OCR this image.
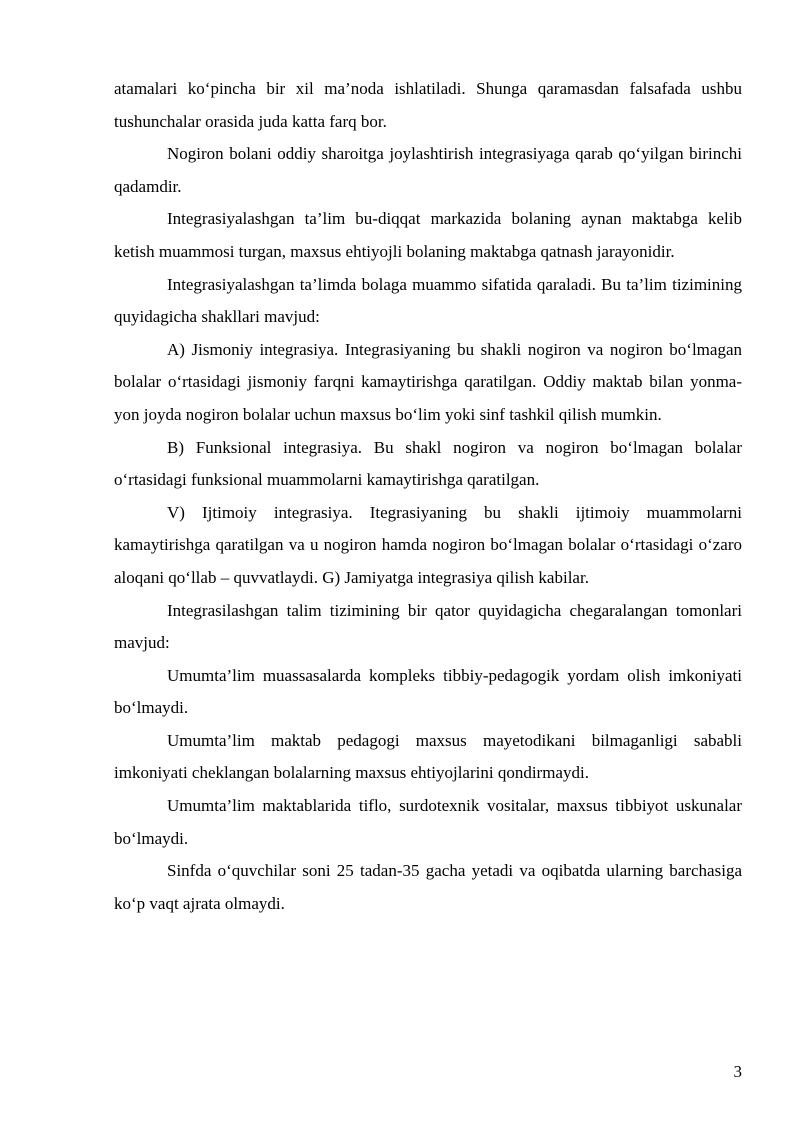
atamalari ko‘pincha bir xil ma’noda ishlatiladi. Shunga qaramasdan falsafada ushbu tushunchalar orasida juda katta farq bor.

Nogiron bolani oddiy sharoitga joylashtirish integrasiyaga qarab qo‘yilgan birinchi qadamdir.

Integrasiyalashgan ta’lim bu-diqqat markazida bolaning aynan maktabga kelib ketish muammosi turgan, maxsus ehtiyojli bolaning maktabga qatnash jarayonidir.

Integrasiyalashgan ta’limda bolaga muammo sifatida qaraladi. Bu ta’lim tizimining quyidagicha shakllari mavjud:

A) Jismoniy integrasiya. Integrasiyaning bu shakli nogiron va nogiron bo‘lmagan bolalar o‘rtasidagi jismoniy farqni kamaytirishga qaratilgan. Oddiy maktab bilan yonma-yon joyda nogiron bolalar uchun maxsus bo‘lim yoki sinf tashkil qilish mumkin.

B) Funksional integrasiya. Bu shakl nogiron va nogiron bo‘lmagan bolalar o‘rtasidagi funksional muammolarni kamaytirishga qaratilgan.

V) Ijtimoiy integrasiya. Itegrasiyaning bu shakli ijtimoiy muammolarni kamaytirishga qaratilgan va u nogiron hamda nogiron bo‘lmagan bolalar o‘rtasidagi o‘zaro aloqani qo‘llab – quvvatlaydi. G) Jamiyatga integrasiya qilish kabilar.

Integrasilashgan talim tizimining bir qator quyidagicha chegaralangan tomonlari mavjud:

Umumta’lim muassasalarda kompleks tibbiy-pedagogik yordam olish imkoniyati bo‘lmaydi.

Umumta’lim maktab pedagogi maxsus mayetodikani bilmaganligi sababli imkoniyati cheklangan bolalarning maxsus ehtiyojlarini qondirmaydi.

Umumta’lim maktablarida tiflo, surdotexnik vositalar, maxsus tibbiyot uskunalar bo‘lmaydi.

Sinfda o‘quvchilar soni 25 tadan-35 gacha yetadi va oqibatda ularning barchasiga ko‘p vaqt ajrata olmaydi.

3
